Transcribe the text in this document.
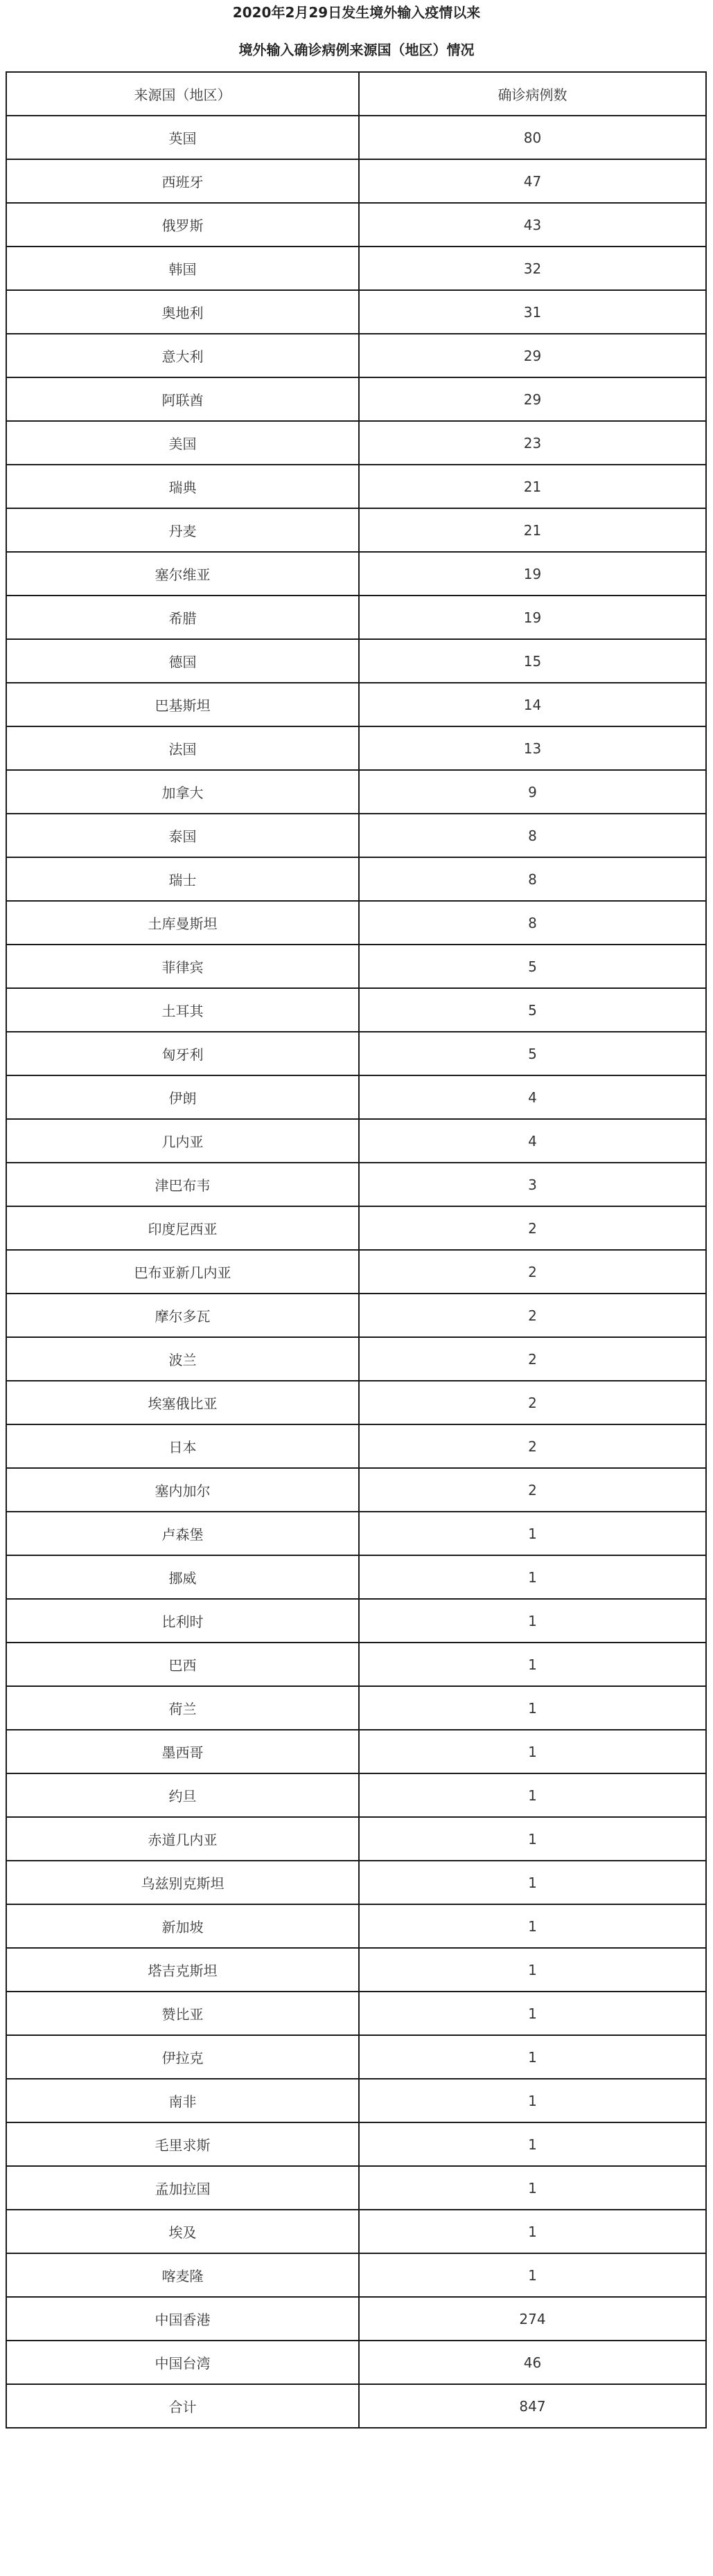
2020年2月29日发生境外输入疫情以来
境外输入确诊病例来源国（地区）情况
来源国（地区）	确诊病例数
英国	80
西班牙	47
俄罗斯	43
韩国	32
奥地利	31
意大利	29
阿联酋	29
美国	23
瑞典	21
丹麦	21
塞尔维亚	19
希腊	19
德国	15
巴基斯坦	14
法国	13
加拿大	9
泰国	8
瑞士	8
土库曼斯坦	8
菲律宾	5
土耳其	5
匈牙利	5
伊朗	4
几内亚	4
津巴布韦	3
印度尼西亚	2
巴布亚新几内亚	2
摩尔多瓦	2
波兰	2
埃塞俄比亚	2
日本	2
塞内加尔	2
卢森堡	1
挪威	1
比利时	1
巴西	1
荷兰	1
墨西哥	1
约旦	1
赤道几内亚	1
乌兹别克斯坦	1
新加坡	1
塔吉克斯坦	1
赞比亚	1
伊拉克	1
南非	1
毛里求斯	1
孟加拉国	1
埃及	1
喀麦隆	1
中国香港	274
中国台湾	46
合计	847
